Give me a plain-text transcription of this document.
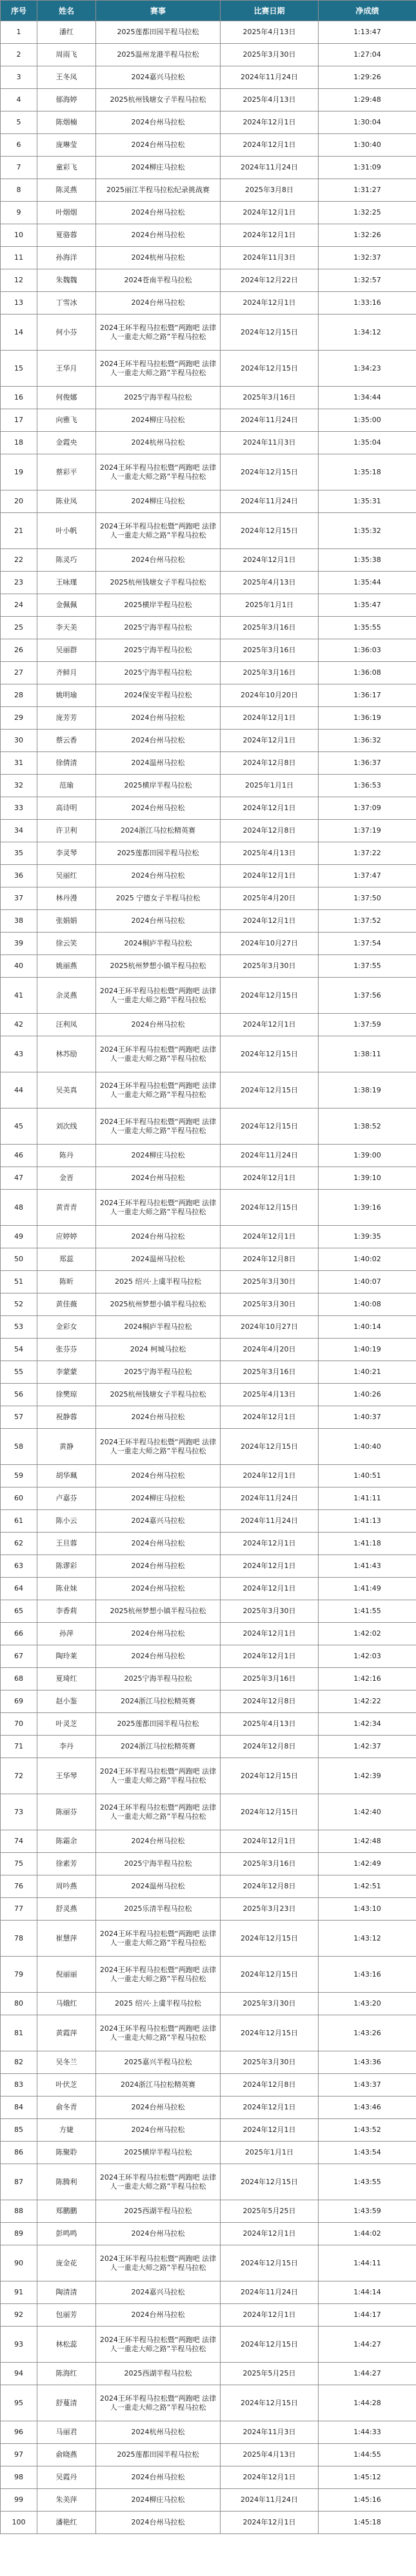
序号	姓名	赛事	比赛日期	净成绩
1	潘红	2025莲都田园半程马拉松	2025年4月13日	1:13:47
2	周雨飞	2025温州龙港半程马拉松	2025年3月30日	1:27:04
3	王冬凤	2024嘉兴马拉松	2024年11月24日	1:29:26
4	郁海婷	2025杭州钱塘女子半程马拉松	2025年4月13日	1:29:48
5	陈烟楠	2024台州马拉松	2024年12月1日	1:30:04
6	庞琳莹	2024台州马拉松	2024年12月1日	1:30:40
7	童彩飞	2024柳庄马拉松	2024年11月24日	1:31:09
8	陈灵燕	2025丽江半程马拉松纪录挑战赛	2025年3月8日	1:31:27
9	叶烟烟	2024台州马拉松	2024年12月1日	1:32:25
10	夏骆蓉	2024台州马拉松	2024年12月1日	1:32:26
11	孙海洋	2024杭州马拉松	2024年11月3日	1:32:37
12	朱魏魏	2024苍南半程马拉松	2024年12月22日	1:32:57
13	丁雪冰	2024台州马拉松	2024年12月1日	1:33:16
14	何小芬	2024王环半程马拉松暨“两跑吧 法律人一重走大师之路”半程马拉松	2024年12月15日	1:34:12
15	王华月	2024王环半程马拉松暨“两跑吧 法律人一重走大师之路”半程马拉松	2024年12月15日	1:34:23
16	何俊娜	2025宁海半程马拉松	2025年3月16日	1:34:44
17	向雅飞	2024柳庄马拉松	2024年11月24日	1:35:00
18	金霞央	2024杭州马拉松	2024年11月3日	1:35:04
19	蔡彩平	2024王环半程马拉松暨“两跑吧 法律人一重走大师之路”半程马拉松	2024年12月15日	1:35:18
20	陈业凤	2024柳庄马拉松	2024年11月24日	1:35:31
21	叶小帆	2024王环半程马拉松暨“两跑吧 法律人一重走大师之路”半程马拉松	2024年12月15日	1:35:32
22	陈灵巧	2024台州马拉松	2024年12月1日	1:35:38
23	王咏瑾	2025杭州钱塘女子半程马拉松	2025年4月13日	1:35:44
24	金佩佩	2025横岸半程马拉松	2025年1月1日	1:35:47
25	李天美	2025宁海半程马拉松	2025年3月16日	1:35:55
26	吴丽群	2025宁海半程马拉松	2025年3月16日	1:36:03
27	齐鲜月	2025宁海半程马拉松	2025年3月16日	1:36:08
28	姚明瑜	2024保安半程马拉松	2024年10月20日	1:36:17
29	庞芳芳	2024台州马拉松	2024年12月1日	1:36:19
30	蔡云香	2024台州马拉松	2024年12月1日	1:36:32
31	徐倩清	2024温州马拉松	2024年12月8日	1:36:37
32	范瑜	2025横岸半程马拉松	2025年1月1日	1:36:53
33	高诗明	2024台州马拉松	2024年12月1日	1:37:09
34	许卫利	2024浙江马拉松精英赛	2024年12月8日	1:37:19
35	李灵琴	2025莲都田园半程马拉松	2025年4月13日	1:37:22
36	吴丽红	2024台州马拉松	2024年12月1日	1:37:47
37	林丹漫	2025 宁德女子半程马拉松	2025年4月20日	1:37:50
38	张娟娟	2024台州马拉松	2024年12月1日	1:37:52
39	徐云笑	2024桐庐半程马拉松	2024年10月27日	1:37:54
40	姚丽燕	2025杭州梦想小镇半程马拉松	2025年3月30日	1:37:55
41	余灵燕	2024王环半程马拉松暨“两跑吧 法律人一重走大师之路”半程马拉松	2024年12月15日	1:37:56
42	汪利凤	2024台州马拉松	2024年12月1日	1:37:59
43	林苏励	2024王环半程马拉松暨“两跑吧 法律人一重走大师之路”半程马拉松	2024年12月15日	1:38:11
44	吴美真	2024王环半程马拉松暨“两跑吧 法律人一重走大师之路”半程马拉松	2024年12月15日	1:38:19
45	刘次线	2024王环半程马拉松暨“两跑吧 法律人一重走大师之路”半程马拉松	2024年12月15日	1:38:52
46	陈丹	2024柳庄马拉松	2024年11月24日	1:39:00
47	金晋	2024台州马拉松	2024年12月1日	1:39:10
48	黄青青	2024王环半程马拉松暨“两跑吧 法律人一重走大师之路”半程马拉松	2024年12月15日	1:39:16
49	应婷婷	2024台州马拉松	2024年12月1日	1:39:35
50	郑蕊	2024温州马拉松	2024年12月8日	1:40:02
51	陈昕	2025 绍兴·上虞半程马拉松	2025年3月30日	1:40:07
52	黄佳薇	2025杭州梦想小镇半程马拉松	2025年3月30日	1:40:08
53	金彩女	2024桐庐半程马拉松	2024年10月27日	1:40:14
54	张芬芬	2024 柯城马拉松	2024年4月20日	1:40:19
55	李蒙蒙	2025宁海半程马拉松	2025年3月16日	1:40:21
56	徐樊琼	2025杭州钱塘女子半程马拉松	2025年4月13日	1:40:26
57	祝静蓉	2024台州马拉松	2024年12月1日	1:40:37
58	黄静	2024王环半程马拉松暨“两跑吧 法律人一重走大师之路”半程马拉松	2024年12月15日	1:40:40
59	胡华珮	2024台州马拉松	2024年12月1日	1:40:51
60	卢嘉芬	2024柳庄马拉松	2024年11月24日	1:41:11
61	陈小云	2024嘉兴马拉松	2024年11月24日	1:41:13
62	王旦蓉	2024台州马拉松	2024年12月1日	1:41:18
63	陈谬彩	2024台州马拉松	2024年12月1日	1:41:43
64	陈业妹	2024台州马拉松	2024年12月1日	1:41:49
65	李香莉	2025杭州梦想小镇半程马拉松	2025年3月30日	1:41:55
66	孙萍	2024台州马拉松	2024年12月1日	1:42:02
67	陶玲莱	2024台州马拉松	2024年12月1日	1:42:03
68	夏琦红	2025宁海半程马拉松	2025年3月16日	1:42:16
69	赵小鉴	2024浙江马拉松精英赛	2024年12月8日	1:42:22
70	叶灵芝	2025莲都田园半程马拉松	2025年4月13日	1:42:34
71	李丹	2024浙江马拉松精英赛	2024年12月8日	1:42:37
72	王华琴	2024王环半程马拉松暨“两跑吧 法律人一重走大师之路”半程马拉松	2024年12月15日	1:42:39
73	陈丽芬	2024王环半程马拉松暨“两跑吧 法律人一重走大师之路”半程马拉松	2024年12月15日	1:42:40
74	陈霜余	2024台州马拉松	2024年12月1日	1:42:48
75	徐素芳	2025宁海半程马拉松	2025年3月16日	1:42:49
76	周吟燕	2024温州马拉松	2024年12月8日	1:42:51
77	舒灵燕	2025乐清半程马拉松	2025年3月23日	1:43:10
78	崔慧萍	2024王环半程马拉松暨“两跑吧 法律人一重走大师之路”半程马拉松	2024年12月15日	1:43:12
79	倪丽丽	2024王环半程马拉松暨“两跑吧 法律人一重走大师之路”半程马拉松	2024年12月15日	1:43:16
80	马娥红	2025 绍兴·上虞半程马拉松	2025年3月30日	1:43:20
81	黄霞萍	2024王环半程马拉松暨“两跑吧 法律人一重走大师之路”半程马拉松	2024年12月15日	1:43:26
82	吴冬兰	2025嘉兴半程马拉松	2025年3月30日	1:43:36
83	叶伏芝	2024浙江马拉松精英赛	2024年12月8日	1:43:37
84	俞冬青	2024台州马拉松	2024年12月1日	1:43:46
85	方婕	2024台州马拉松	2024年12月1日	1:43:52
86	陈聚聆	2025横岸半程马拉松	2025年1月1日	1:43:54
87	陈腾利	2024王环半程马拉松暨“两跑吧 法律人一重走大师之路”半程马拉松	2024年12月15日	1:43:55
88	郑鹏鹏	2025西湖半程马拉松	2025年5月25日	1:43:59
89	彭鸣鸣	2024台州马拉松	2024年12月1日	1:44:02
90	庞金花	2024王环半程马拉松暨“两跑吧 法律人一重走大师之路”半程马拉松	2024年12月15日	1:44:11
91	陶清清	2024嘉兴马拉松	2024年11月24日	1:44:14
92	包丽芳	2024台州马拉松	2024年12月1日	1:44:17
93	林松蕊	2024王环半程马拉松暨“两跑吧 法律人一重走大师之路”半程马拉松	2024年12月15日	1:44:27
94	陈海红	2025西湖半程马拉松	2025年5月25日	1:44:27
95	舒蔓清	2024王环半程马拉松暨“两跑吧 法律人一重走大师之路”半程马拉松	2024年12月15日	1:44:28
96	马丽君	2024杭州马拉松	2024年11月3日	1:44:33
97	俞晓燕	2025莲都田园半程马拉松	2025年4月13日	1:44:55
98	吴霞丹	2024台州马拉松	2024年12月1日	1:45:12
99	朱美萍	2024柳庄马拉松	2024年11月24日	1:45:16
100	潘艳红	2024台州马拉松	2024年12月1日	1:45:18
